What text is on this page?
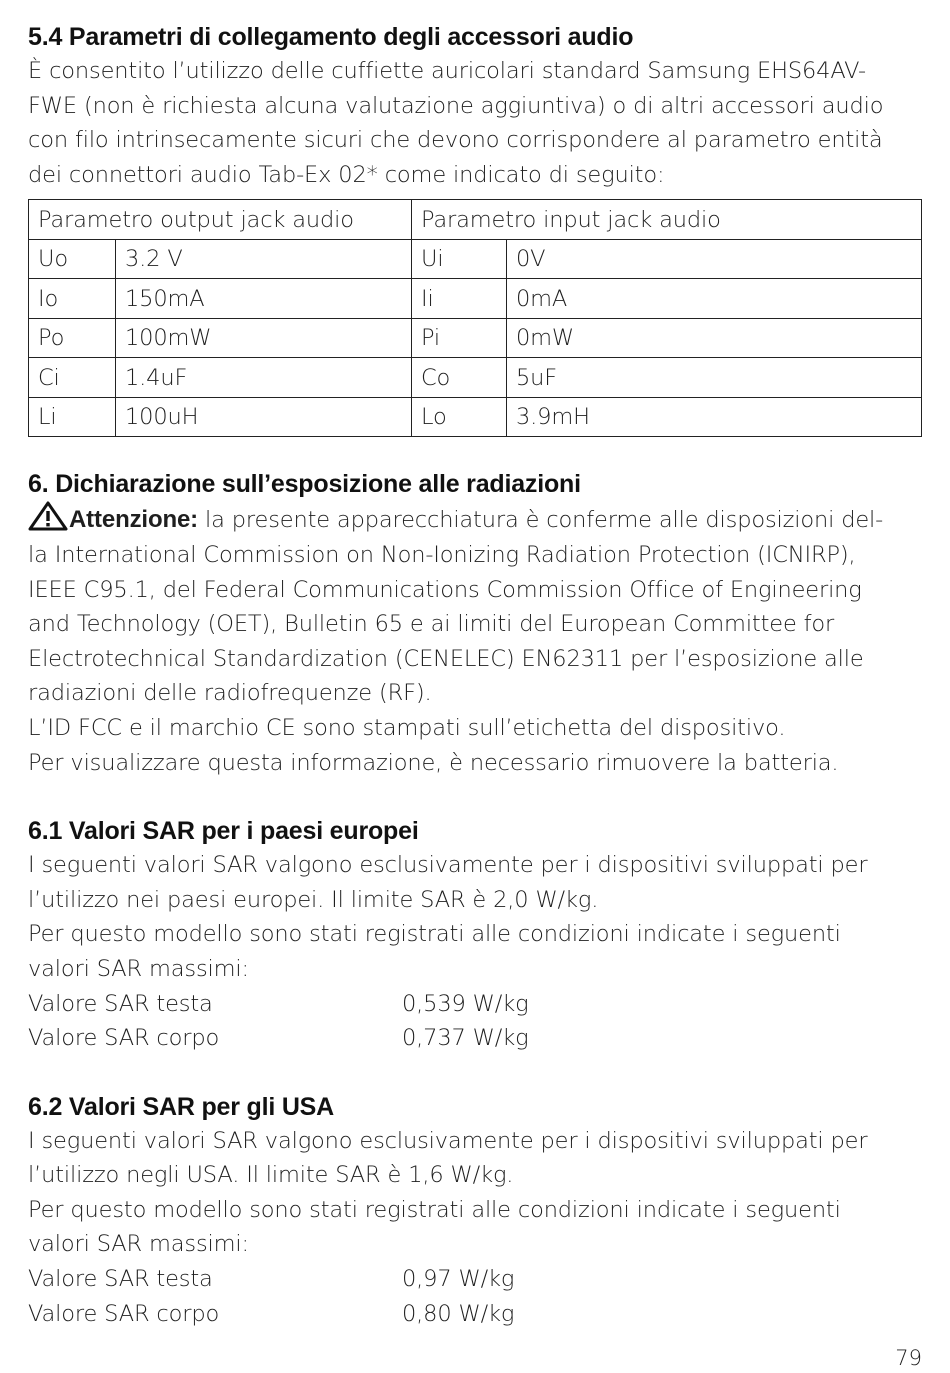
5.4 Parametri di collegamento degli accessori audio

È consentito l’utilizzo delle cuffiette auricolari standard Samsung EHS64AV-

FWE (non è richiesta alcuna valutazione aggiuntiva) o di altri accessori audio

con filo intrinsecamente sicuri che devono corrispondere al parametro entità

dei connettori audio Tab-Ex 02* come indicato di seguito:

Parametro output jack audio		Parametro input jack audio	
Uo	3.2 V	Ui	0V
Io	150mA	Ii	0mA
Po	100mW	Pi	0mW
Ci	1.4uF	Co	5uF
Li	100uH	Lo	3.9mH
6. Dichiarazione sull’esposizione alle radiazioni

Attenzione: la presente apparecchiatura è conferme alle disposizioni del-

la International Commission on Non-Ionizing Radiation Protection (ICNIRP),

IEEE C95.1, del Federal Communications Commission Office of Engineering

and Technology (OET), Bulletin 65 e ai limiti del European Committee for

Electrotechnical Standardization (CENELEC) EN62311 per l’esposizione alle

radiazioni delle radiofrequenze (RF).

L’ID FCC e il marchio CE sono stampati sull’etichetta del dispositivo.

Per visualizzare questa informazione, è necessario rimuovere la batteria.

6.1 Valori SAR per i paesi europei

I seguenti valori SAR valgono esclusivamente per i dispositivi sviluppati per

l’utilizzo nei paesi europei. Il limite SAR è 2,0 W/kg.

Per questo modello sono stati registrati alle condizioni indicate i seguenti

valori SAR massimi:

Valore SAR testa	0,539 W/kg
Valore SAR corpo	0,737 W/kg
6.2 Valori SAR per gli USA

I seguenti valori SAR valgono esclusivamente per i dispositivi sviluppati per

l’utilizzo negli USA. Il limite SAR è 1,6 W/kg.

Per questo modello sono stati registrati alle condizioni indicate i seguenti

valori SAR massimi:

Valore SAR testa	0,97 W/kg
Valore SAR corpo	0,80 W/kg
79
